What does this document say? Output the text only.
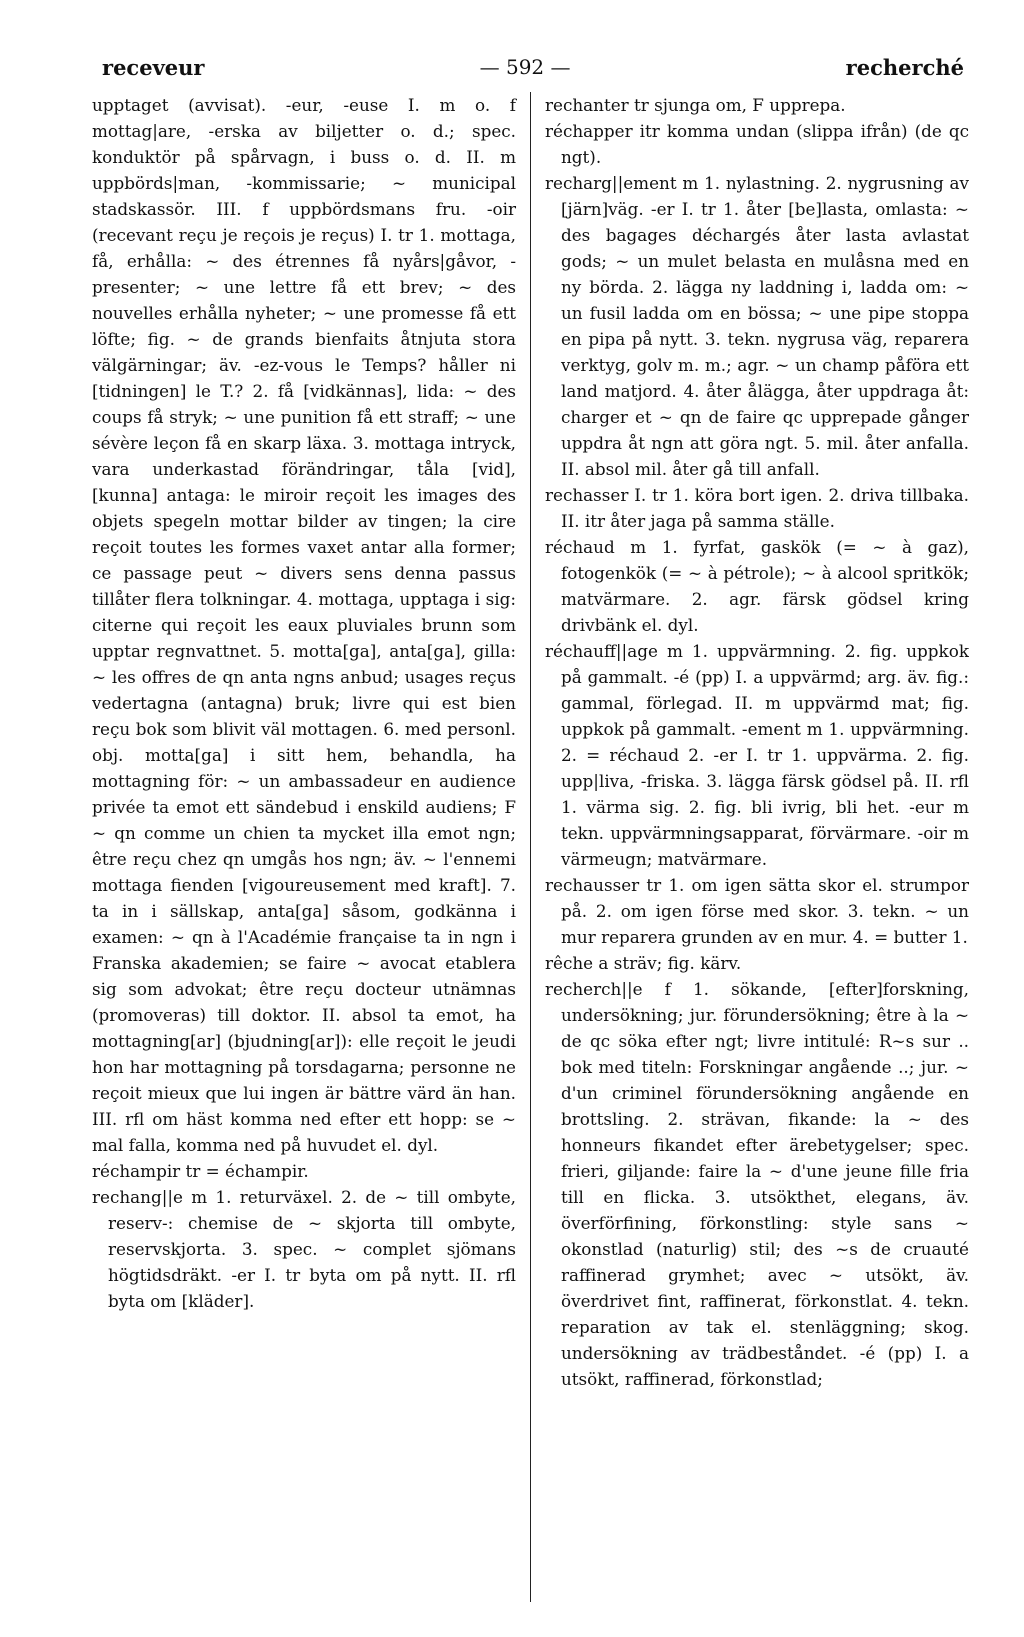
receveur	— 592 —	recherché

upptaget (avvisat). -eur, -euse I. m o. f mottag|are, -erska av biljetter o. d.; spec. konduktör på spårvagn, i buss o. d. II. m uppbörds|man, -kommissarie; ~ municipal stadskassör. III. f uppbördsmans fru. -oir (recevant reçu je reçois je reçus) I. tr 1. mottaga, få, erhålla: ~ des étrennes få nyårs|gåvor, -presenter; ~ une lettre få ett brev; ~ des nouvelles erhålla nyheter; ~ une promesse få ett löfte; fig. ~ de grands bienfaits åtnjuta stora välgärningar; äv. -ez-vous le Temps? håller ni [tidningen] le T.? 2. få [vidkännas], lida: ~ des coups få stryk; ~ une punition få ett straff; ~ une sévère leçon få en skarp läxa. 3. mottaga intryck, vara underkastad förändringar, tåla [vid], [kunna] antaga: le miroir reçoit les images des objets spegeln mottar bilder av tingen; la cire reçoit toutes les formes vaxet antar alla former; ce passage peut ~ divers sens denna passus tillåter flera tolkningar. 4. mottaga, upptaga i sig: citerne qui reçoit les eaux pluviales brunn som upptar regnvattnet. 5. motta[ga], anta[ga], gilla: ~ les offres de qn anta ngns anbud; usages reçus vedertagna (antagna) bruk; livre qui est bien reçu bok som blivit väl mottagen. 6. med personl. obj. motta[ga] i sitt hem, behandla, ha mottagning för: ~ un ambassadeur en audience privée ta emot ett sändebud i enskild audiens; F ~ qn comme un chien ta mycket illa emot ngn; être reçu chez qn umgås hos ngn; äv. ~ l'ennemi mottaga fienden [vigoureusement med kraft]. 7. ta in i sällskap, anta[ga] såsom, godkänna i examen: ~ qn à l'Académie française ta in ngn i Franska akademien; se faire ~ avocat etablera sig som advokat; être reçu docteur utnämnas (promoveras) till doktor. II. absol ta emot, ha mottagning[ar] (bjudning[ar]): elle reçoit le jeudi hon har mottagning på torsdagarna; personne ne reçoit mieux que lui ingen är bättre värd än han. III. rfl om häst komma ned efter ett hopp: se ~ mal falla, komma ned på huvudet el. dyl.

réchampir tr = échampir.

rechang||e m 1. returväxel. 2. de ~ till ombyte, reserv-: chemise de ~ skjorta till ombyte, reservskjorta. 3. spec. ~ complet sjömans högtidsdräkt. -er I. tr byta om på nytt. II. rfl byta om [kläder].

rechanter tr sjunga om, F upprepa.

réchapper itr komma undan (slippa ifrån) (de qc ngt).

recharg||ement m 1. nylastning. 2. nygrusning av [järn]väg. -er I. tr 1. åter [be]lasta, omlasta: ~ des bagages déchargés åter lasta avlastat gods; ~ un mulet belasta en mulåsna med en ny börda. 2. lägga ny laddning i, ladda om: ~ un fusil ladda om en bössa; ~ une pipe stoppa en pipa på nytt. 3. tekn. nygrusa väg, reparera verktyg, golv m. m.; agr. ~ un champ påföra ett land matjord. 4. åter ålägga, åter uppdraga åt: charger et ~ qn de faire qc upprepade gånger uppdra åt ngn att göra ngt. 5. mil. åter anfalla. II. absol mil. åter gå till anfall.

rechasser I. tr 1. köra bort igen. 2. driva tillbaka. II. itr åter jaga på samma ställe.

réchaud m 1. fyrfat, gaskök (= ~ à gaz), fotogenkök (= ~ à pétrole); ~ à alcool spritkök; matvärmare. 2. agr. färsk gödsel kring drivbänk el. dyl.

réchauff||age m 1. uppvärmning. 2. fig. uppkok på gammalt. -é (pp) I. a uppvärmd; arg. äv. fig.: gammal, förlegad. II. m uppvärmd mat; fig. uppkok på gammalt. -ement m 1. uppvärmning. 2. = réchaud 2. -er I. tr 1. uppvärma. 2. fig. upp|liva, -friska. 3. lägga färsk gödsel på. II. rfl 1. värma sig. 2. fig. bli ivrig, bli het. -eur m tekn. uppvärmningsapparat, förvärmare. -oir m värmeugn; matvärmare.

rechausser tr 1. om igen sätta skor el. strumpor på. 2. om igen förse med skor. 3. tekn. ~ un mur reparera grunden av en mur. 4. = butter 1.

rêche a sträv; fig. kärv.

recherch||e f 1. sökande, [efter]forskning, undersökning; jur. förundersökning; être à la ~ de qc söka efter ngt; livre intitulé: R~s sur .. bok med titeln: Forskningar angående ..; jur. ~ d'un criminel förundersökning angående en brottsling. 2. strävan, fikande: la ~ des honneurs fikandet efter ärebetygelser; spec. frieri, giljande: faire la ~ d'une jeune fille fria till en flicka. 3. utsökthet, elegans, äv. överförfining, förkonstling: style sans ~ okonstlad (naturlig) stil; des ~s de cruauté raffinerad grymhet; avec ~ utsökt, äv. överdrivet fint, raffinerat, förkonstlat. 4. tekn. reparation av tak el. stenläggning; skog. undersökning av trädbeståndet. -é (pp) I. a utsökt, raffinerad, förkonstlad;
